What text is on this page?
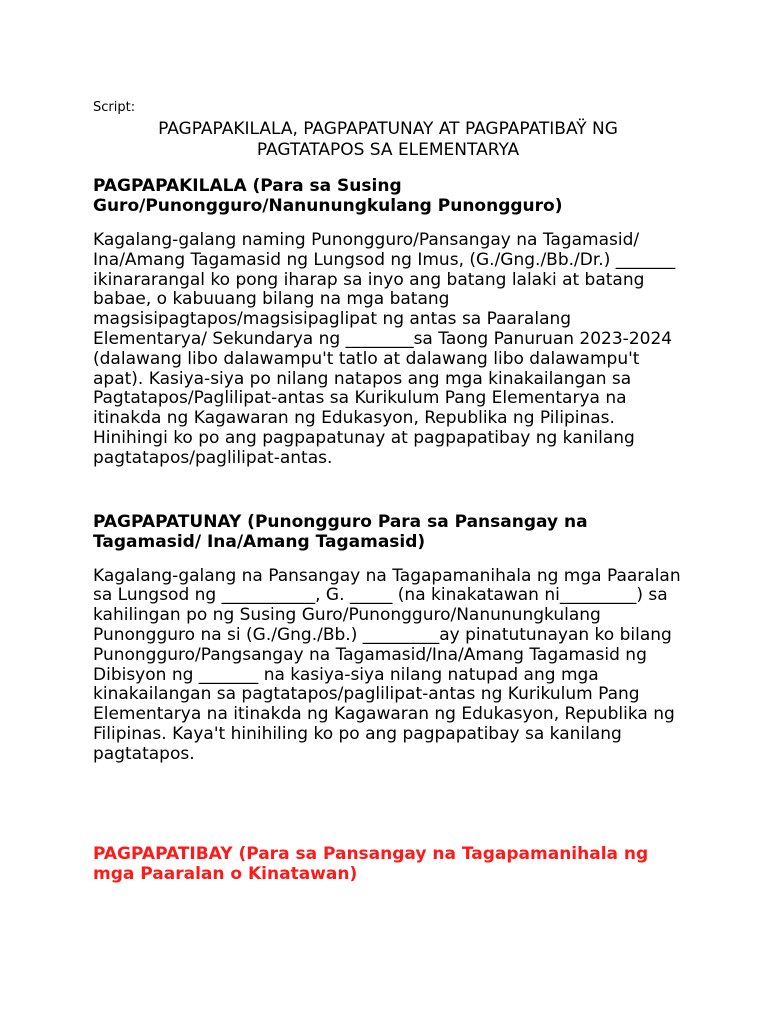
Script:

PAGPAPAKILALA, PAGPAPATUNAY AT PAGPAPATIBAŸ NG
PAGTATAPOS SA ELEMENTARYA
PAGPAPAKILALA (Para sa Susing Guro/Punongguro/Nanunungkulang Punongguro)

Kagalang-galang naming Punongguro/Pansangay na Tagamasid/ Ina/Amang Tagamasid ng Lungsod ng Imus, (G./Gng./Bb./Dr.) _______ ikinararangal ko pong iharap sa inyo ang batang lalaki at batang babae, o kabuuang bilang na mga batang magsisipagtapos/magsisipaglipat ng antas sa Paaralang Elementarya/ Sekundarya ng ________sa Taong Panuruan 2023-2024 (dalawang libo dalawampu't tatlo at dalawang libo dalawampu't apat). Kasiya-siya po nilang natapos ang mga kinakailangan sa Pagtatapos/Paglilipat-antas sa Kurikulum Pang Elementarya na itinakda ng Kagawaran ng Edukasyon, Republika ng Pilipinas. Hinihingi ko po ang pagpapatunay at pagpapatibay ng kanilang pagtatapos/paglilipat-antas.

PAGPAPATUNAY (Punongguro Para sa Pansangay na Tagamasid/ Ina/Amang Tagamasid)

Kagalang-galang na Pansangay na Tagapamanihala ng mga Paaralan sa Lungsod ng ___________, G. _____ (na kinakatawan ni_________) sa kahilingan po ng Susing Guro/Punongguro/Nanunungkulang Punongguro na si (G./Gng./Bb.) _________ay pinatutunayan ko bilang Punongguro/Pangsangay na Tagamasid/Ina/Amang Tagamasid ng Dibisyon ng _______ na kasiya-siya nilang natupad ang mga kinakailangan sa pagtatapos/paglilipat-antas ng Kurikulum Pang Elementarya na itinakda ng Kagawaran ng Edukasyon, Republika ng Filipinas. Kaya't hinihiling ko po ang pagpapatibay sa kanilang pagtatapos.

PAGPAPATIBAY (Para sa Pansangay na Tagapamanihala ng mga Paaralan o Kinatawan)
